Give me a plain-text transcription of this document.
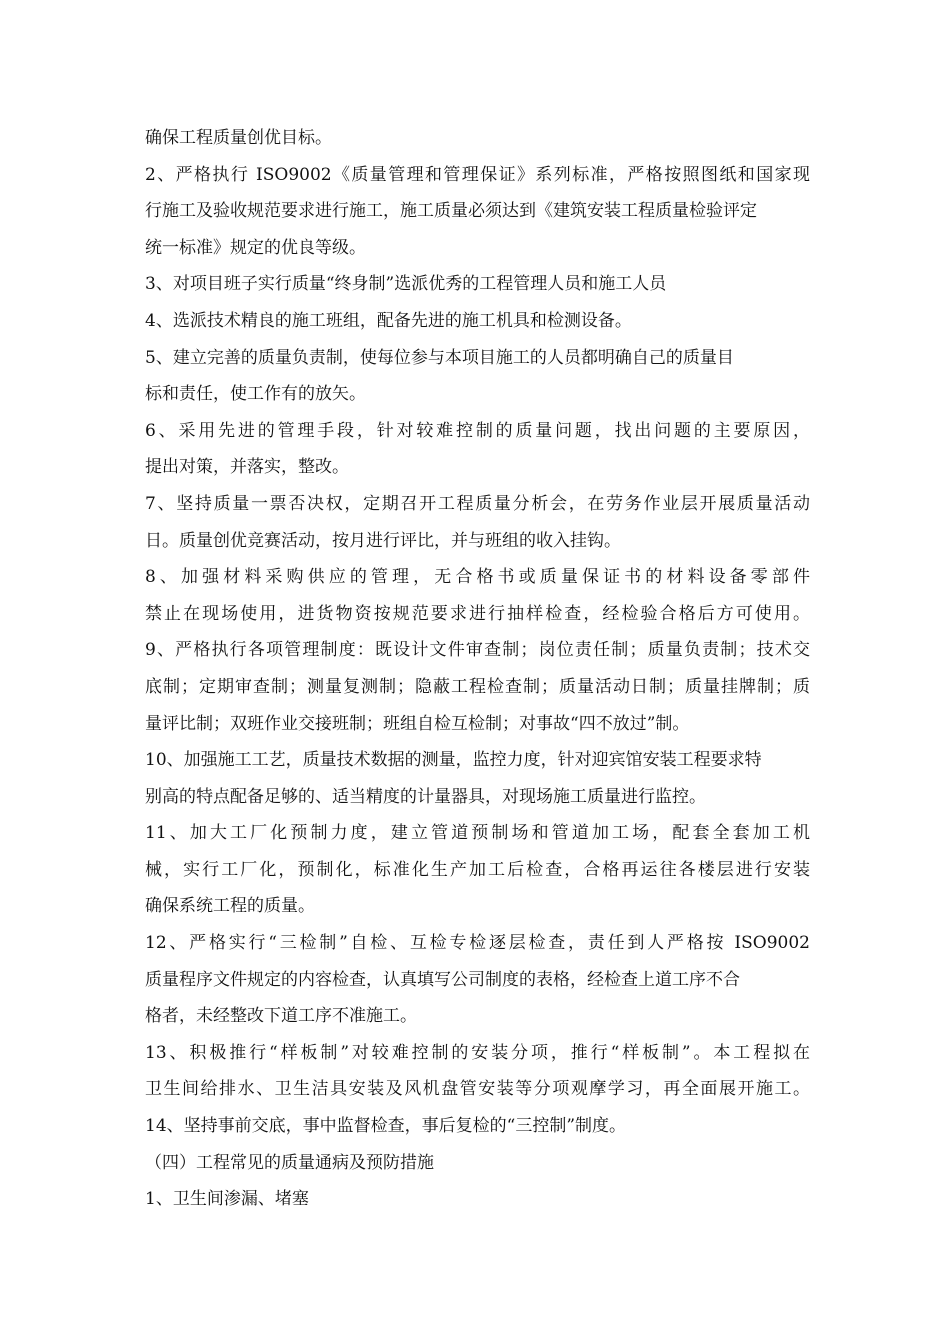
确保工程质量创优目标。
2、严格执行 ISO9002《质量管理和管理保证》系列标准，严格按照图纸和国家现
行施工及验收规范要求进行施工，施工质量必须达到《建筑安装工程质量检验评定
统一标准》规定的优良等级。
3、对项目班子实行质量“终身制”选派优秀的工程管理人员和施工人员
4、选派技术精良的施工班组，配备先进的施工机具和检测设备。
5、建立完善的质量负责制，使每位参与本项目施工的人员都明确自己的质量目
标和责任，使工作有的放矢。
6、采用先进的管理手段，针对较难控制的质量问题，找出问题的主要原因，
提出对策，并落实，整改。
7、坚持质量一票否决权，定期召开工程质量分析会，在劳务作业层开展质量活动
日。质量创优竞赛活动，按月进行评比，并与班组的收入挂钩。
8、加强材料采购供应的管理，无合格书或质量保证书的材料设备零部件
禁止在现场使用，进货物资按规范要求进行抽样检查，经检验合格后方可使用。
9、严格执行各项管理制度：既设计文件审查制；岗位责任制；质量负责制；技术交
底制；定期审查制；测量复测制；隐蔽工程检查制；质量活动日制；质量挂牌制；质
量评比制；双班作业交接班制；班组自检互检制；对事故“四不放过”制。
10、加强施工工艺，质量技术数据的测量，监控力度，针对迎宾馆安装工程要求特
别高的特点配备足够的、适当精度的计量器具，对现场施工质量进行监控。
11、加大工厂化预制力度，建立管道预制场和管道加工场，配套全套加工机
械，实行工厂化，预制化，标准化生产加工后检查，合格再运往各楼层进行安装
确保系统工程的质量。
12、严格实行“三检制”自检、互检专检逐层检查，责任到人严格按 ISO9002
质量程序文件规定的内容检查，认真填写公司制度的表格，经检查上道工序不合
格者，未经整改下道工序不准施工。
13、积极推行“样板制”对较难控制的安装分项，推行“样板制”。本工程拟在
卫生间给排水、卫生洁具安装及风机盘管安装等分项观摩学习，再全面展开施工。
14、坚持事前交底，事中监督检查，事后复检的“三控制”制度。
（四）工程常见的质量通病及预防措施
1、卫生间渗漏、堵塞
